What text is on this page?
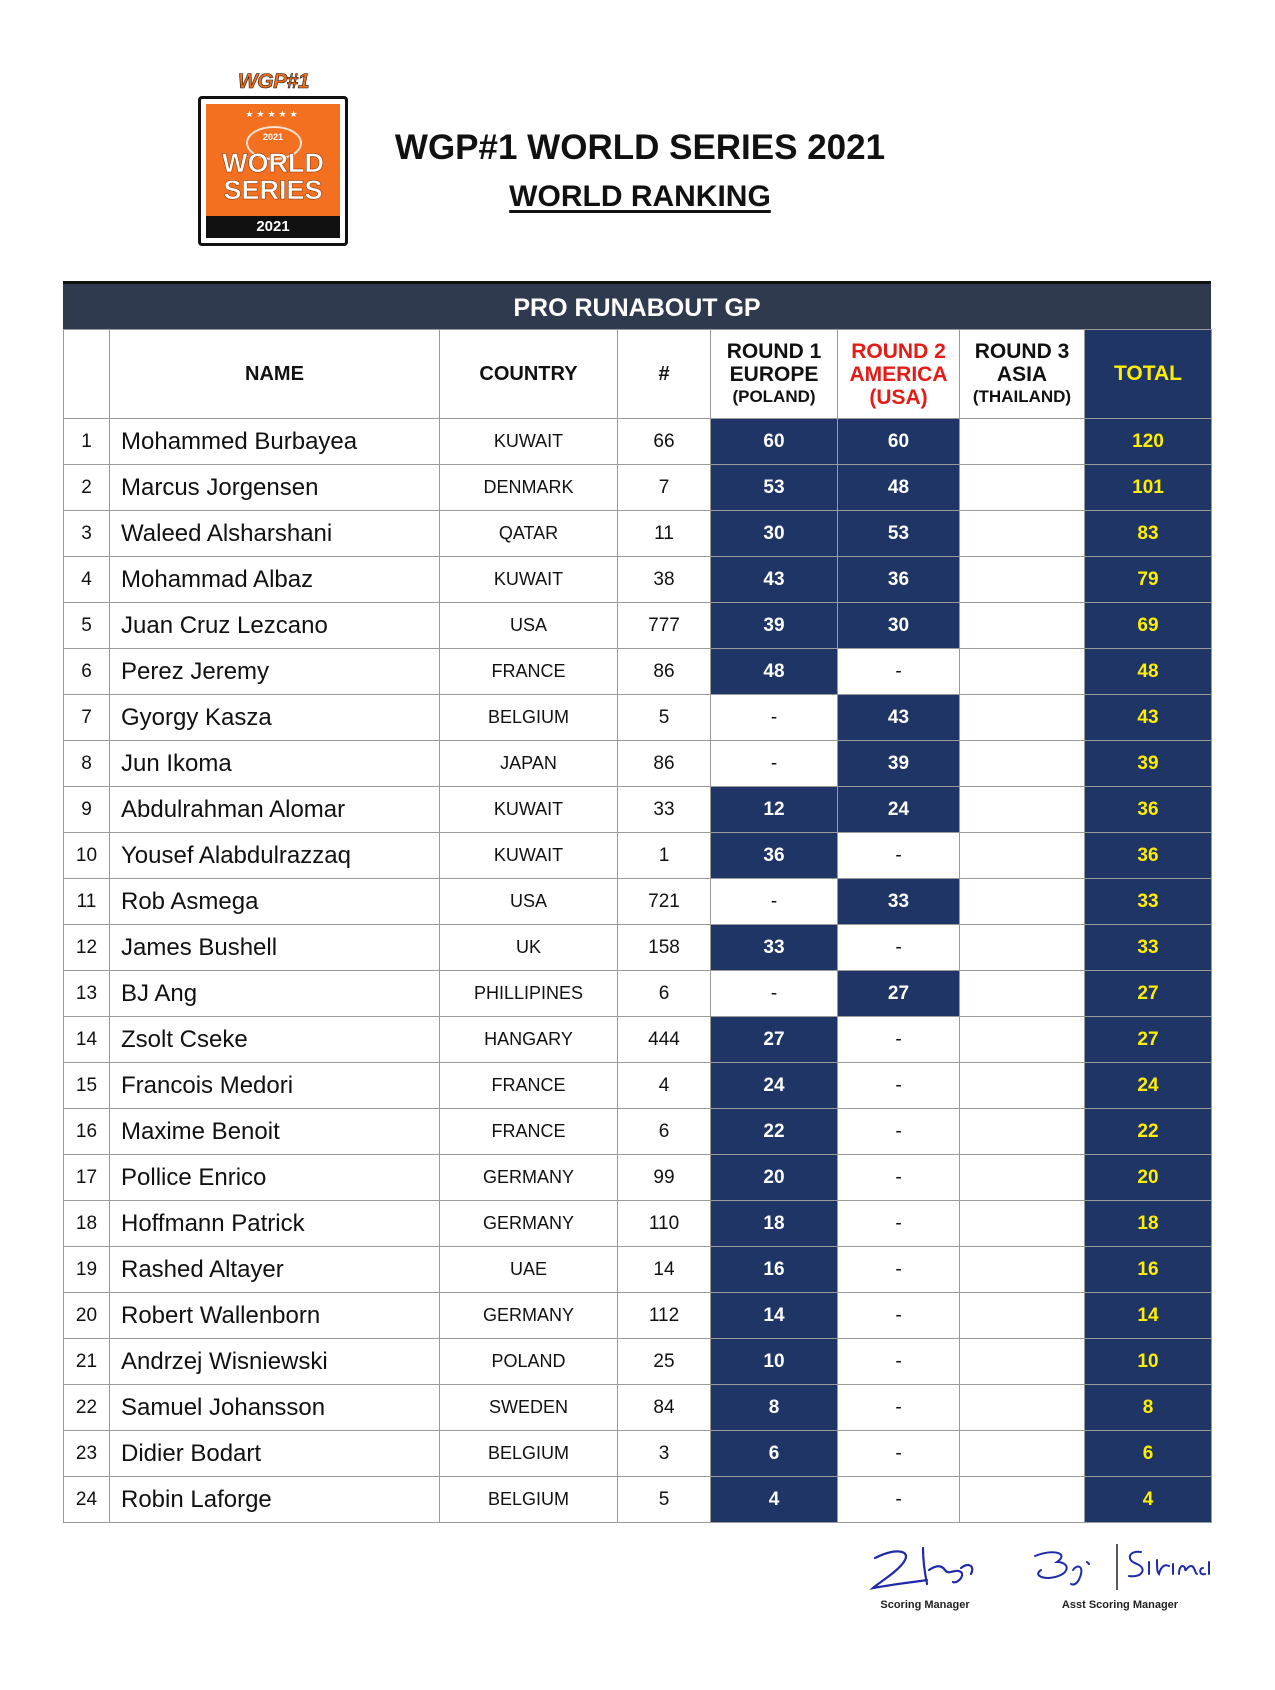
WGP#1
★★★★★
2021
WORLD
SERIES
2021
WGP#1 WORLD SERIES 2021
WORLD RANKING
PRO RUNABOUT GP
	NAME	COUNTRY	#	ROUND 1
EUROPE
(POLAND)	ROUND 2
AMERICA
(USA)	ROUND 3
ASIA
(THAILAND)	TOTAL
1	Mohammed Burbayea	KUWAIT	66	60	60		120
2	Marcus Jorgensen	DENMARK	7	53	48		101
3	Waleed Alsharshani	QATAR	11	30	53		83
4	Mohammad Albaz	KUWAIT	38	43	36		79
5	Juan Cruz Lezcano	USA	777	39	30		69
6	Perez Jeremy	FRANCE	86	48	-		48
7	Gyorgy Kasza	BELGIUM	5	-	43		43
8	Jun Ikoma	JAPAN	86	-	39		39
9	Abdulrahman Alomar	KUWAIT	33	12	24		36
10	Yousef Alabdulrazzaq	KUWAIT	1	36	-		36
11	Rob Asmega	USA	721	-	33		33
12	James Bushell	UK	158	33	-		33
13	BJ Ang	PHILLIPINES	6	-	27		27
14	Zsolt Cseke	HANGARY	444	27	-		27
15	Francois Medori	FRANCE	4	24	-		24
16	Maxime Benoit	FRANCE	6	22	-		22
17	Pollice Enrico	GERMANY	99	20	-		20
18	Hoffmann Patrick	GERMANY	110	18	-		18
19	Rashed Altayer	UAE	14	16	-		16
20	Robert Wallenborn	GERMANY	112	14	-		14
21	Andrzej Wisniewski	POLAND	25	10	-		10
22	Samuel Johansson	SWEDEN	84	8	-		8
23	Didier Bodart	BELGIUM	3	6	-		6
24	Robin Laforge	BELGIUM	5	4	-		4
Scoring Manager	Asst Scoring Manager
